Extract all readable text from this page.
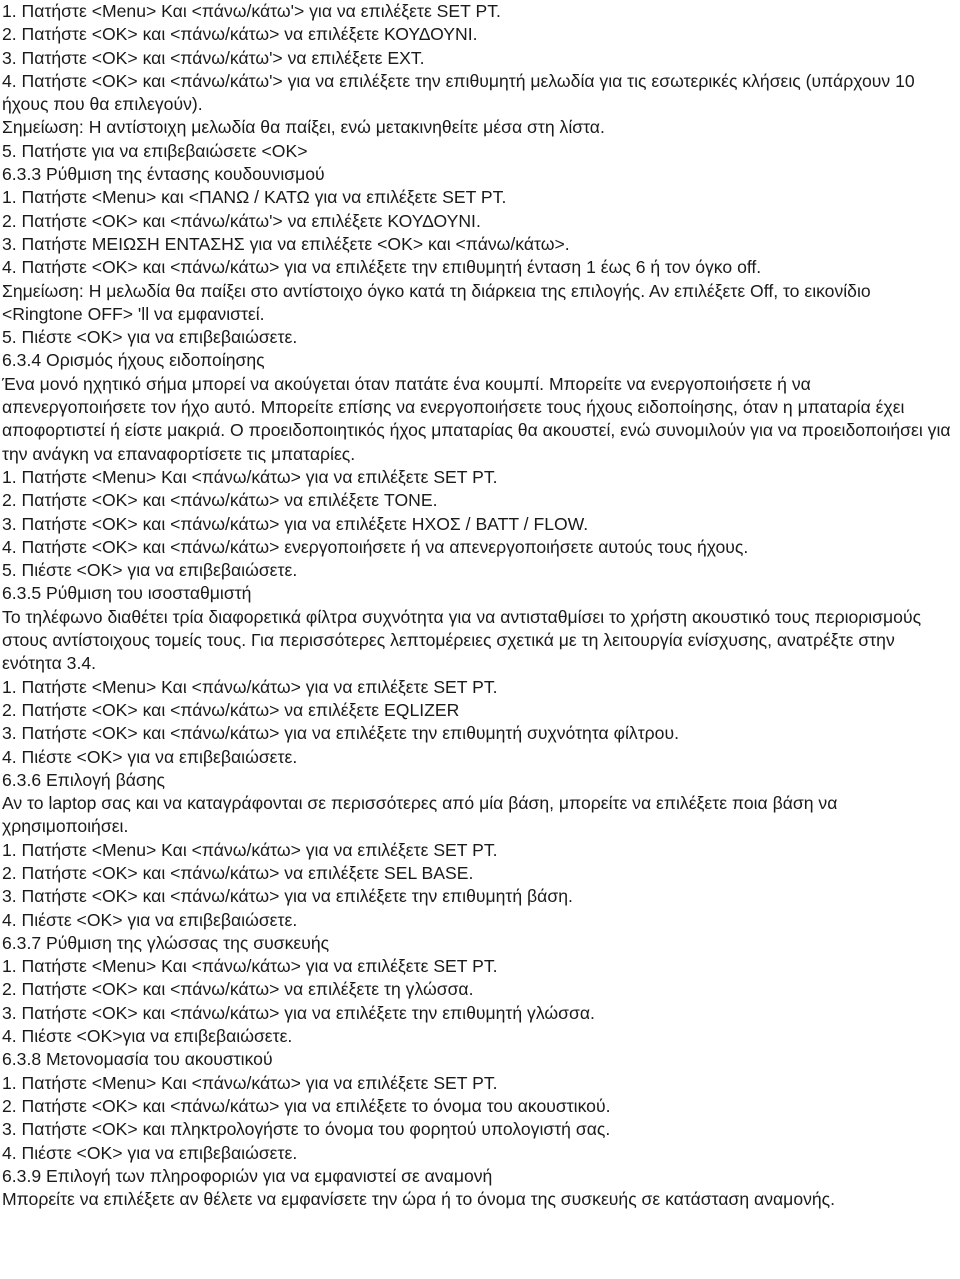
1. Πατήστε <Menu> Και <πάνω/κάτω'> για να επιλέξετε SET PT.

2. Πατήστε <OK> και <πάνω/κάτω> να επιλέξετε ΚΟΥΔΟΥΝΙ.

3. Πατήστε <OK> και <πάνω/κάτω'> να επιλέξετε EXT.

4. Πατήστε <OK> και <πάνω/κάτω'> για να επιλέξετε την επιθυμητή μελωδία για τις εσωτερικές κλήσεις (υπάρχουν 10 ήχους που θα επιλεγούν).

Σημείωση: Η αντίστοιχη μελωδία θα παίξει, ενώ μετακινηθείτε μέσα στη λίστα.

5. Πατήστε για να επιβεβαιώσετε <OK>

6.3.3 Ρύθμιση της έντασης κουδουνισμού

1. Πατήστε <Menu> και <ΠΑΝΩ / ΚΑΤΩ για να επιλέξετε SET PT.

2. Πατήστε <OK> και <πάνω/κάτω'> να επιλέξετε ΚΟΥΔΟΥΝΙ.

3. Πατήστε ΜΕΙΩΣΗ ΕΝΤΑΣΗΣ για να επιλέξετε <OK> και <πάνω/κάτω>.

4. Πατήστε <OK> και <πάνω/κάτω> για να επιλέξετε την επιθυμητή ένταση 1 έως 6 ή τον όγκο off.

Σημείωση: Η μελωδία θα παίξει στο αντίστοιχο όγκο κατά τη διάρκεια της επιλογής. Αν επιλέξετε Off, το εικονίδιο <Ringtone OFF> 'll να εμφανιστεί.

5. Πιέστε <OK> για να επιβεβαιώσετε.

6.3.4 Ορισμός ήχους ειδοποίησης

Ένα μονό ηχητικό σήμα μπορεί να ακούγεται όταν πατάτε ένα κουμπί. Μπορείτε να ενεργοποιήσετε ή να απενεργοποιήσετε τον ήχο αυτό. Μπορείτε επίσης να ενεργοποιήσετε τους ήχους ειδοποίησης, όταν η μπαταρία έχει αποφορτιστεί ή είστε μακριά. Ο προειδοποιητικός ήχος μπαταρίας θα ακουστεί, ενώ συνομιλούν για να προειδοποιήσει για την ανάγκη να επαναφορτίσετε τις μπαταρίες.

1. Πατήστε <Menu> Και <πάνω/κάτω> για να επιλέξετε SET PT.

2. Πατήστε <OK> και <πάνω/κάτω> να επιλέξετε TONE.

3. Πατήστε <OK> και <πάνω/κάτω> για να επιλέξετε ΗΧΟΣ / BATT / FLOW.

4. Πατήστε <OK> και <πάνω/κάτω> ενεργοποιήσετε ή να απενεργοποιήσετε αυτούς τους ήχους.

5. Πιέστε <OK> για να επιβεβαιώσετε.

6.3.5 Ρύθμιση του ισοσταθμιστή

Το τηλέφωνο διαθέτει τρία διαφορετικά φίλτρα συχνότητα για να αντισταθμίσει το χρήστη ακουστικό τους περιορισμούς στους αντίστοιχους τομείς τους. Για περισσότερες λεπτομέρειες σχετικά με τη λειτουργία ενίσχυσης, ανατρέξτε στην ενότητα 3.4.

1. Πατήστε <Menu> Και <πάνω/κάτω> για να επιλέξετε SET PT.

2. Πατήστε <OK> και <πάνω/κάτω> να επιλέξετε EQLIZER

3. Πατήστε <OK> και <πάνω/κάτω> για να επιλέξετε την επιθυμητή συχνότητα φίλτρου.

4. Πιέστε <OK> για να επιβεβαιώσετε.

6.3.6 Επιλογή βάσης

Αν το laptop σας και να καταγράφονται σε περισσότερες από μία βάση, μπορείτε να επιλέξετε ποια βάση να χρησιμοποιήσει.

1. Πατήστε <Menu> Και <πάνω/κάτω> για να επιλέξετε SET PT.

2. Πατήστε <OK> και <πάνω/κάτω> να επιλέξετε SEL BASE.

3. Πατήστε <OK> και <πάνω/κάτω> για να επιλέξετε την επιθυμητή βάση.

4. Πιέστε <OK> για να επιβεβαιώσετε.

6.3.7 Ρύθμιση της γλώσσας της συσκευής

1. Πατήστε <Menu> Και <πάνω/κάτω> για να επιλέξετε SET PT.

2. Πατήστε <OK> και <πάνω/κάτω> να επιλέξετε τη γλώσσα.

3. Πατήστε <OK> και <πάνω/κάτω> για να επιλέξετε την επιθυμητή γλώσσα.

4. Πιέστε <OK>για να επιβεβαιώσετε.

6.3.8 Μετονομασία του ακουστικού

1. Πατήστε <Menu> Και <πάνω/κάτω> για να επιλέξετε SET PT.

2. Πατήστε <OK> και <πάνω/κάτω> για να επιλέξετε το όνομα του ακουστικού.

3. Πατήστε <OK> και πληκτρολογήστε το όνομα του φορητού υπολογιστή σας.

4. Πιέστε <OK> για να επιβεβαιώσετε.

6.3.9 Επιλογή των πληροφοριών για να εμφανιστεί σε αναμονή

Μπορείτε να επιλέξετε αν θέλετε να εμφανίσετε την ώρα ή το όνομα της συσκευής σε κατάσταση αναμονής.
